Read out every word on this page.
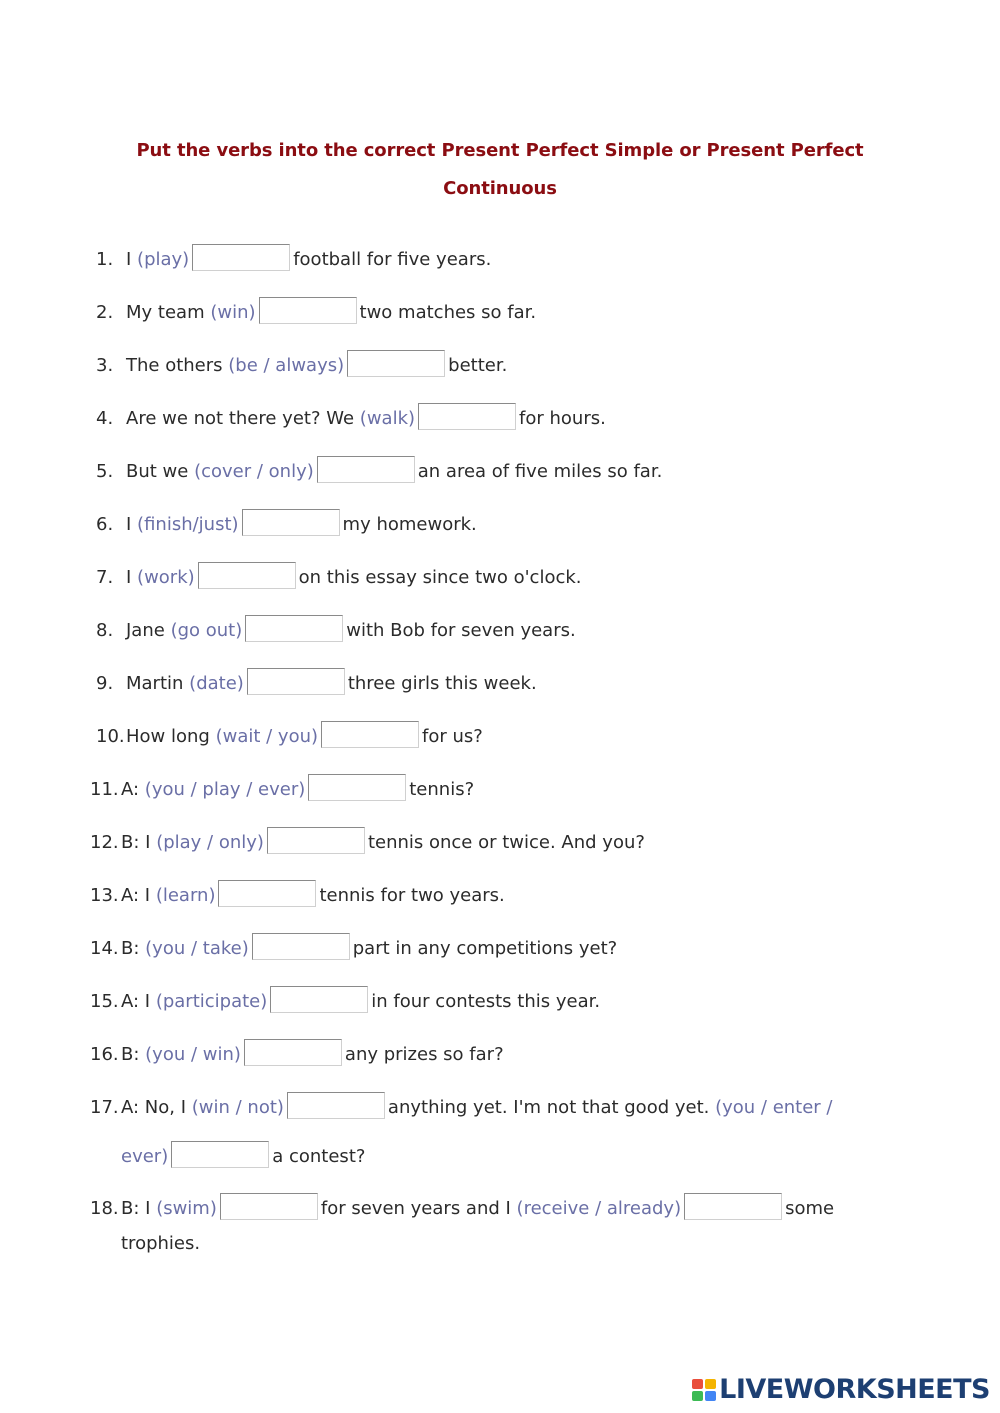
Put the verbs into the correct Present Perfect Simple or Present Perfect
Continuous
1. I (play)	football for five years.
2. My team (win)	two matches so far.
3. The others (be / always)	better.
4. Are we not there yet? We (walk)	for hours.
5. But we (cover / only)	an area of five miles so far.
6. I (finish/just)	my homework.
7. I (work)	on this essay since two o'clock.
8. Jane (go out)	with Bob for seven years.
9. Martin (date)	three girls this week.
10.How long (wait / you)	for us?
11. A: (you / play / ever)	tennis?
12. B: I (play / only)	tennis once or twice. And you?
13. A: I (learn)	tennis for two years.
14. B: (you / take)	part in any competitions yet?
15. A: I (participate)	in four contests this year.
16. B: (you / win)	any prizes so far?
17. A: No, I (win / not)	anything yet. I'm not that good yet. (you / enter /
ever)	a contest?
18. B: I (swim)	for seven years and I (receive / already)	some
trophies.
LIVEWORKSHEETS
